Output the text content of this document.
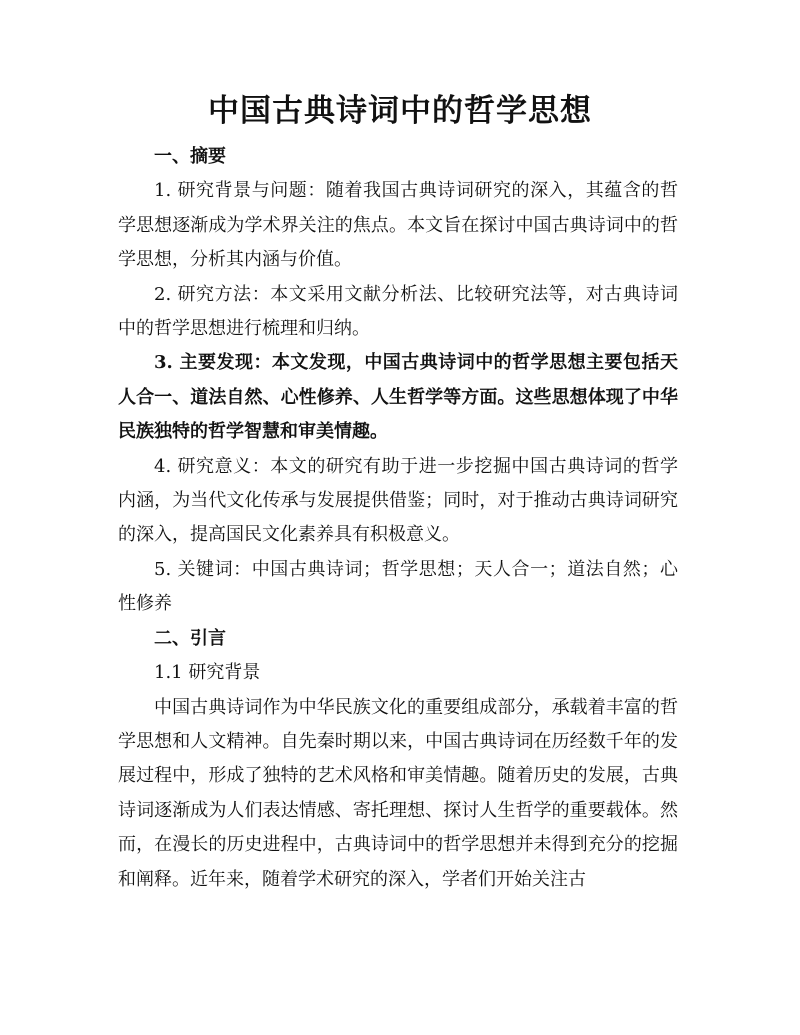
中国古典诗词中的哲学思想

一、摘要

1. 研究背景与问题：随着我国古典诗词研究的深入，其蕴含的哲学思想逐渐成为学术界关注的焦点。本文旨在探讨中国古典诗词中的哲学思想，分析其内涵与价值。

2. 研究方法：本文采用文献分析法、比较研究法等，对古典诗词中的哲学思想进行梳理和归纳。

3. 主要发现：本文发现，中国古典诗词中的哲学思想主要包括天人合一、道法自然、心性修养、人生哲学等方面。这些思想体现了中华民族独特的哲学智慧和审美情趣。

4. 研究意义：本文的研究有助于进一步挖掘中国古典诗词的哲学内涵，为当代文化传承与发展提供借鉴；同时，对于推动古典诗词研究的深入，提高国民文化素养具有积极意义。

5. 关键词：中国古典诗词；哲学思想；天人合一；道法自然；心性修养

二、引言

1.1 研究背景

中国古典诗词作为中华民族文化的重要组成部分，承载着丰富的哲学思想和人文精神。自先秦时期以来，中国古典诗词在历经数千年的发展过程中，形成了独特的艺术风格和审美情趣。随着历史的发展，古典诗词逐渐成为人们表达情感、寄托理想、探讨人生哲学的重要载体。然而，在漫长的历史进程中，古典诗词中的哲学思想并未得到充分的挖掘和阐释。近年来，随着学术研究的深入，学者们开始关注古
